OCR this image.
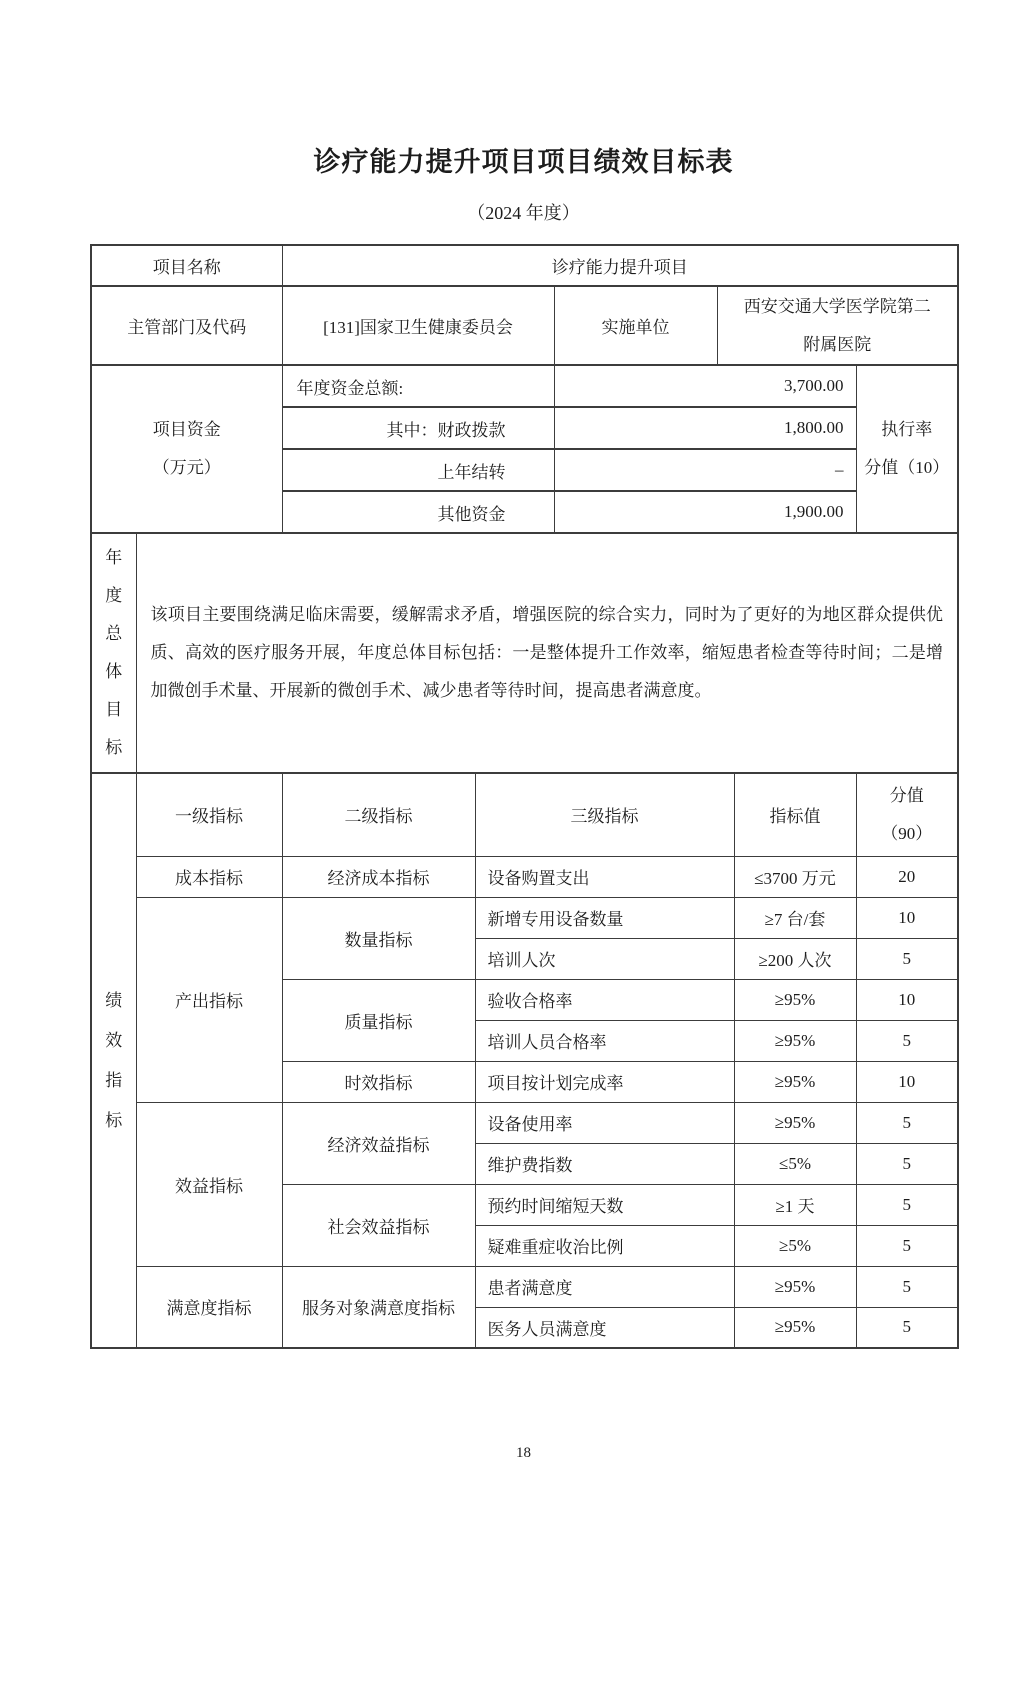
诊疗能力提升项目项目绩效目标表
（2024 年度）
项目名称		诊疗能力提升项目					
主管部门及代码		[131]国家卫生健康委员会		实施单位	西安交通大学医学院第二
附属医院		

项目资金
（万元）
	年度资金总额:	3,700.00	
执行率
分值（10）

		其中：财政拨款		1,800.00			
		上年结转		–			
		其他资金		1,900.00			

年度总体目标	该项目主要围绕满足临床需要，缓解需求矛盾，增强医院的综合实力，同时为了更好的为地区群众提供优质、高效的医疗服务开展，年度总体目标包括：一是整体提升工作效率，缩短患者检查等待时间；二是增加微创手术量、开展新的微创手术、减少患者等待时间，提高患者满意度。						

绩效指标	一级指标	二级指标	三级指标			指标值	分值
（90）

	成本指标	经济成本指标	设备购置支出			≤3700 万元	20
	产出指标	数量指标	新增专用设备数量			≥7 台/套	10
			培训人次			≥200 人次	5
		质量指标	验收合格率			≥95%	10
			培训人员合格率			≥95%	5
		时效指标	项目按计划完成率			≥95%	10
	效益指标	经济效益指标	设备使用率			≥95%	5
			维护费指数			≤5%	5
		社会效益指标	预约时间缩短天数			≥1 天	5
			疑难重症收治比例			≥5%	5
	满意度指标	服务对象满意度指标	患者满意度			≥95%	5
			医务人员满意度			≥95%	5
18
